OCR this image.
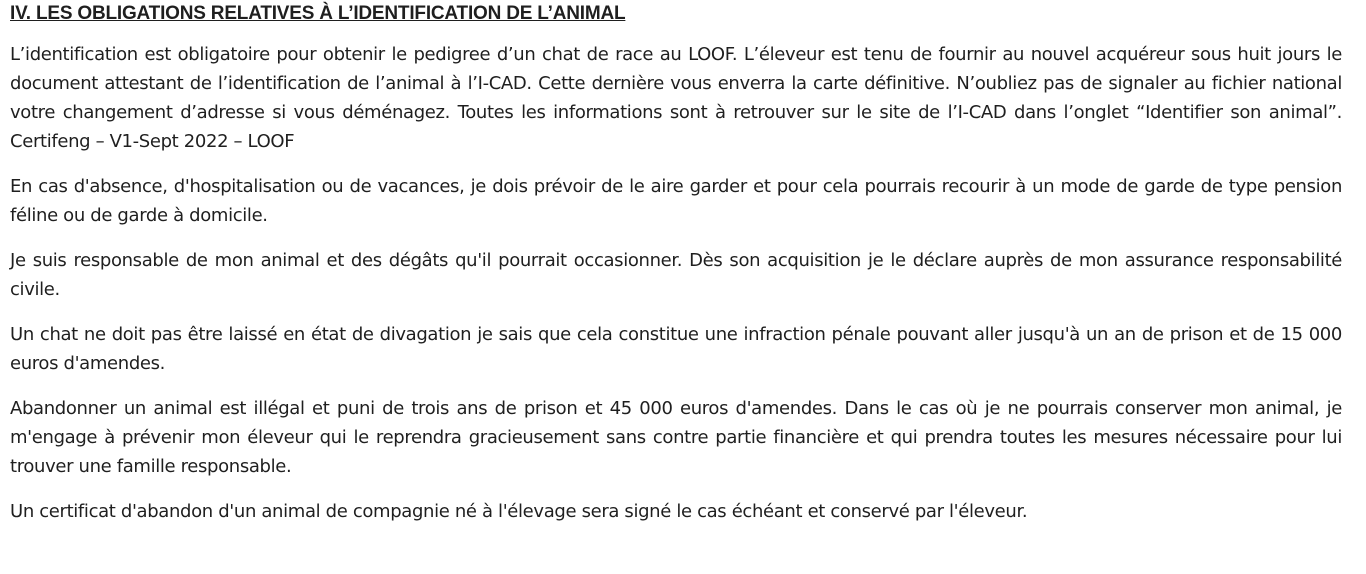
IV. LES OBLIGATIONS RELATIVES À L’IDENTIFICATION DE L’ANIMAL

L’identification est obligatoire pour obtenir le pedigree d’un chat de race au LOOF. L’éleveur est tenu de fournir au nouvel acquéreur sous huit jours le document attestant de l’identification de l’animal à l’I-CAD. Cette dernière vous enverra la carte définitive. N’oubliez pas de signaler au fichier national votre changement d’adresse si vous déménagez. Toutes les informations sont à retrouver sur le site de l’I-CAD dans l’onglet “Identifier son animal”. Certifeng – V1-Sept 2022 – LOOF

En cas d'absence, d'hospitalisation ou de vacances, je dois prévoir de le aire garder et pour cela pourrais recourir à un mode de garde de type pension féline ou de garde à domicile.

Je suis responsable de mon animal et des dégâts qu'il pourrait occasionner. Dès son acquisition je le déclare auprès de mon assurance responsabilité civile.

Un chat ne doit pas être laissé en état de divagation je sais que cela constitue une infraction pénale pouvant aller jusqu'à un an de prison et de 15 000 euros d'amendes.

Abandonner un animal est illégal et puni de trois ans de prison et 45 000 euros d'amendes. Dans le cas où je ne pourrais conserver mon animal, je m'engage à prévenir mon éleveur qui le reprendra gracieusement sans contre partie financière et qui prendra toutes les mesures nécessaire pour lui trouver une famille responsable.

Un certificat d'abandon d'un animal de compagnie né à l'élevage sera signé le cas échéant et conservé par l'éleveur.
